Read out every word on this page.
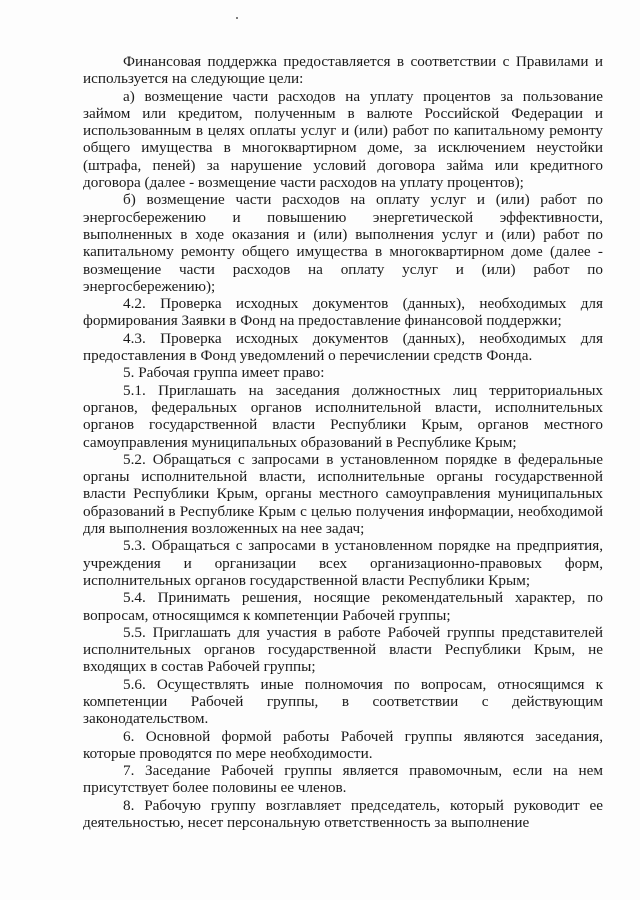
Финансовая поддержка предоставляется в соответствии с Правилами и используется на следующие цели:

а) возмещение части расходов на уплату процентов за пользование займом или кредитом, полученным в валюте Российской Федерации и использованным в целях оплаты услуг и (или) работ по капитальному ремонту общего имущества в многоквартирном доме, за исключением неустойки (штрафа, пеней) за нарушение условий договора займа или кредитного договора (далее - возмещение части расходов на уплату процентов);

б) возмещение части расходов на оплату услуг и (или) работ по энергосбережению и повышению энергетической эффективности, выполненных в ходе оказания и (или) выполнения услуг и (или) работ по капитальному ремонту общего имущества в многоквартирном доме (далее - возмещение части расходов на оплату услуг и (или) работ по энергосбережению);

4.2. Проверка исходных документов (данных), необходимых для формирования Заявки в Фонд на предоставление финансовой поддержки;

4.3. Проверка исходных документов (данных), необходимых для предоставления в Фонд уведомлений о перечислении средств Фонда.

5. Рабочая группа имеет право:

5.1. Приглашать на заседания должностных лиц территориальных органов, федеральных органов исполнительной власти, исполнительных органов государственной власти Республики Крым, органов местного самоуправления муниципальных образований в Республике Крым;

5.2. Обращаться с запросами в установленном порядке в федеральные органы исполнительной власти, исполнительные органы государственной власти Республики Крым, органы местного самоуправления муниципальных образований в Республике Крым с целью получения информации, необходимой для выполнения возложенных на нее задач;

5.3. Обращаться с запросами в установленном порядке на предприятия, учреждения и организации всех организационно-правовых форм, исполнительных органов государственной власти Республики Крым;

5.4. Принимать решения, носящие рекомендательный характер, по вопросам, относящимся к компетенции Рабочей группы;

5.5. Приглашать для участия в работе Рабочей группы представителей исполнительных органов государственной власти Республики Крым, не входящих в состав Рабочей группы;

5.6. Осуществлять иные полномочия по вопросам, относящимся к компетенции Рабочей группы, в соответствии с действующим законодательством.

6. Основной формой работы Рабочей группы являются заседания, которые проводятся по мере необходимости.

7. Заседание Рабочей группы является правомочным, если на нем присутствует более половины ее членов.

8. Рабочую группу возглавляет председатель, который руководит ее деятельностью, несет персональную ответственность за выполнение
